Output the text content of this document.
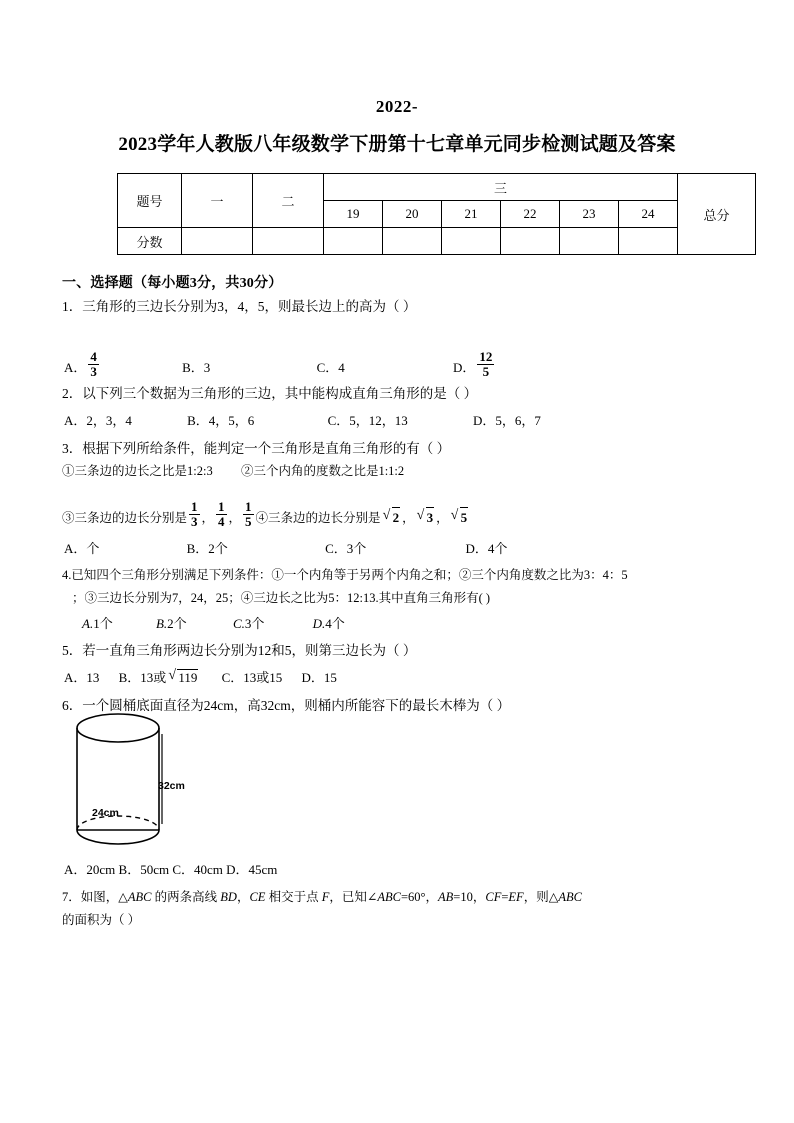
2022-
2023学年人教版八年级数学下册第十七章单元同步检测试题及答案
题号	一	二	三						总分
			19	20	21	22	23	24	
分数									
一、选择题（每小题3分，共30分）
1．三角形的三边长分别为3，4，5，则最长边上的高为（ ）
A． $\frac{4}{3}$	B．3	C．4	D． $\frac{12}{5}$
2．以下列三个数据为三角形的三边，其中能构成直角三角形的是（ ）
A．2，3，4	B．4，5，6	C．5，12，13	D．5，6，7
3．根据下列所给条件，能判定一个三角形是直角三角形的有（ ）
①三条边的边长之比是1:2:3 ②三个内角的度数之比是1:1:2
③三条边的边长分别是 $\frac{1}{3}$ ， $\frac{1}{4}$ ， $\frac{1}{5}$ ④三条边的边长分别是 √ 2 ， √ 3 ， √ 5
A．个	B．2个	C．3个	D．4个
4.已知四个三角形分别满足下列条件：①一个内角等于另两个内角之和；②三个内角度数之比为3：4：5
；③三边长分别为7，24，25；④三边长之比为5：12:13.其中直角三角形有( )
A.1个	B.2个	C.3个	D.4个
5．若一直角三角形两边长分别为12和5，则第三边长为（ ）
A．13 B．13或 √ 119 C．13或15 D．15
6．一个圆桶底面直径为24cm，高32cm，则桶内所能容下的最长木棒为（ ）
32cm
24cm
A．20cm B．50cm C．40cm D．45cm
7．如图，△ABC 的两条高线 BD，CE 相交于点 F，已知∠ABC=60°，AB=10，CF=EF，则△ABC
的面积为（ ）
